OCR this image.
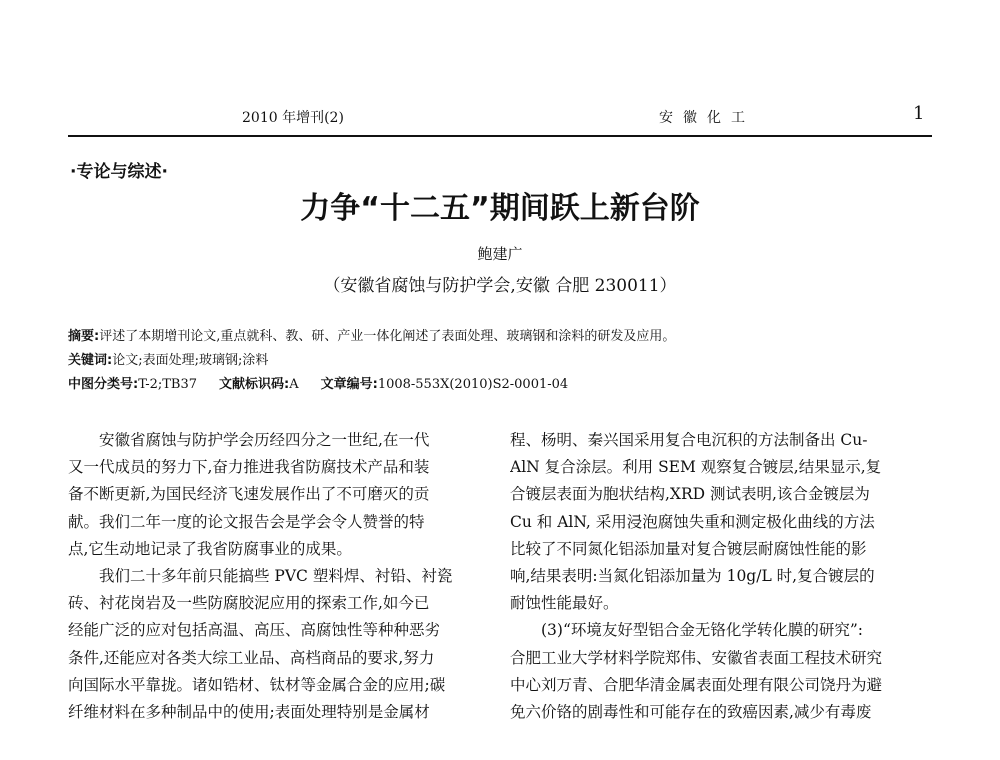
2010 年增刊(2)	安徽化工	1
·专论与综述·
力争“十二五”期间跃上新台阶
鲍建广
（安徽省腐蚀与防护学会,安徽 合肥 230011）
摘要:评述了本期增刊论文,重点就科、教、研、产业一体化阐述了表面处理、玻璃钢和涂料的研发及应用。
关键词:论文;表面处理;玻璃钢;涂料
中图分类号:T-2;TB37 文献标识码:A 文章编号:1008-553X(2010)S2-0001-04
　　安徽省腐蚀与防护学会历经四分之一世纪,在一代
又一代成员的努力下,奋力推进我省防腐技术产品和装
备不断更新,为国民经济飞速发展作出了不可磨灭的贡
献。我们二年一度的论文报告会是学会令人赞誉的特
点,它生动地记录了我省防腐事业的成果。
　　我们二十多年前只能搞些 PVC 塑料焊、衬铅、衬瓷
砖、衬花岗岩及一些防腐胶泥应用的探索工作,如今已
经能广泛的应对包括高温、高压、高腐蚀性等种种恶劣
条件,还能应对各类大综工业品、高档商品的要求,努力
向国际水平靠拢。诸如锆材、钛材等金属合金的应用;碳
纤维材料在多种制品中的使用;表面处理特别是金属材
程、杨明、秦兴国采用复合电沉积的方法制备出 Cu-
AlN 复合涂层。利用 SEM 观察复合镀层,结果显示,复
合镀层表面为胞状结构,XRD 测试表明,该合金镀层为
Cu 和 AlN, 采用浸泡腐蚀失重和测定极化曲线的方法
比较了不同氮化铝添加量对复合镀层耐腐蚀性能的影
响,结果表明:当氮化铝添加量为 10g/L 时,复合镀层的
耐蚀性能最好。
　　(3)“环境友好型铝合金无铬化学转化膜的研究”:
合肥工业大学材料学院郑伟、安徽省表面工程技术研究
中心刘万青、合肥华清金属表面处理有限公司饶丹为避
免六价铬的剧毒性和可能存在的致癌因素,减少有毒废
